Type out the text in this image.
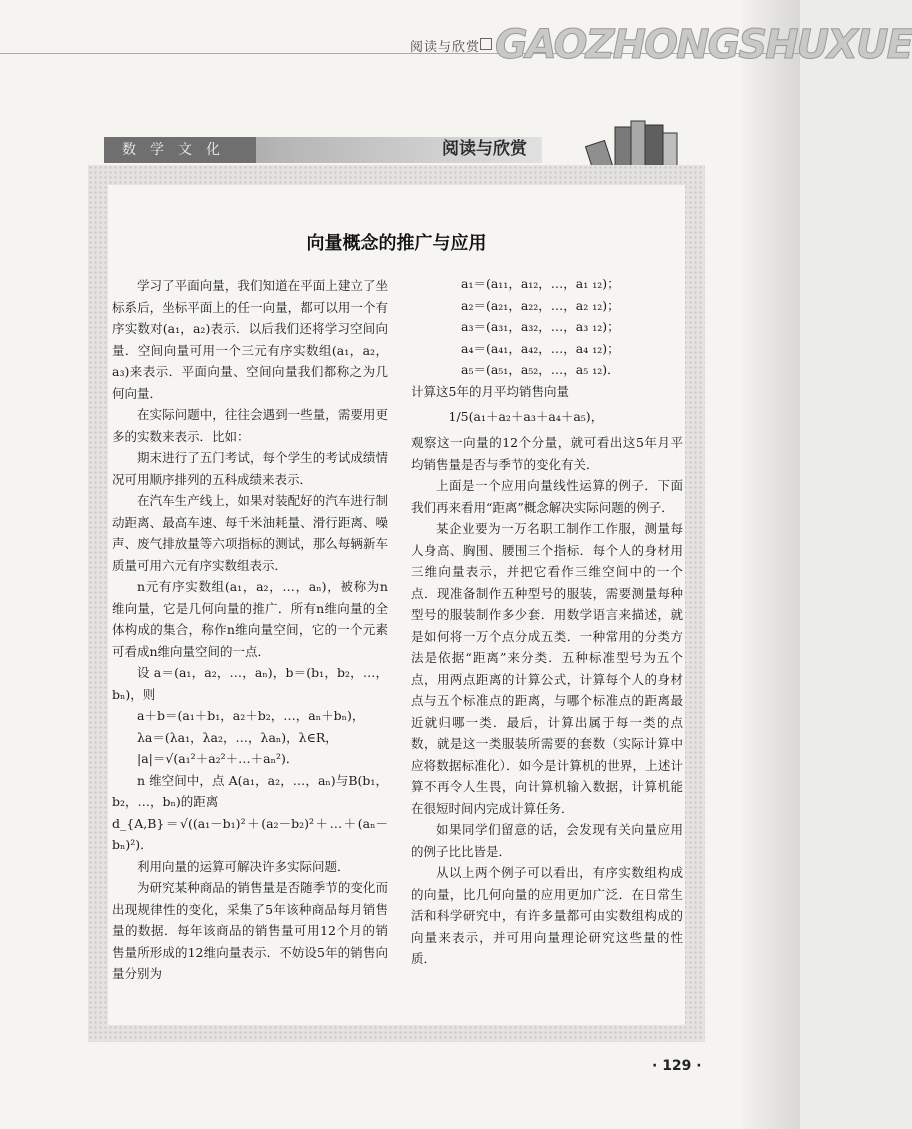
阅读与欣赏 GAOZHONGSHUXUE
数学文化	阅读与欣赏
向量概念的推广与应用

学习了平面向量，我们知道在平面上建立了坐标系后，坐标平面上的任一向量，都可以用一个有序实数对(a₁，a₂)表示．以后我们还将学习空间向量．空间向量可用一个三元有序实数组(a₁，a₂，a₃)来表示．平面向量、空间向量我们都称之为几何向量．

在实际问题中，往往会遇到一些量，需要用更多的实数来表示．比如：

期末进行了五门考试，每个学生的考试成绩情况可用顺序排列的五科成绩来表示．

在汽车生产线上，如果对装配好的汽车进行制动距离、最高车速、每千米油耗量、滑行距离、噪声、废气排放量等六项指标的测试，那么每辆新车质量可用六元有序实数组表示．

n元有序实数组(a₁，a₂，…，aₙ)，被称为n维向量，它是几何向量的推广．所有n维向量的全体构成的集合，称作n维向量空间，它的一个元素可看成n维向量空间的一点．

设 a＝(a₁，a₂，…，aₙ)，b＝(b₁，b₂，…，bₙ)，则

a＋b＝(a₁＋b₁，a₂＋b₂，…，aₙ＋bₙ)，

λa＝(λa₁，λa₂，…，λaₙ)，λ∈R，

|a|＝√(a₁²＋a₂²＋…＋aₙ²)．

n 维空间中，点 A(a₁，a₂，…，aₙ)与B(b₁，b₂，…，bₙ)的距离

d_{A,B}＝√((a₁－b₁)²＋(a₂－b₂)²＋…＋(aₙ－bₙ)²)．

利用向量的运算可解决许多实际问题．

为研究某种商品的销售量是否随季节的变化而出现规律性的变化，采集了5年该种商品每月销售量的数据．每年该商品的销售量可用12个月的销售量所形成的12维向量表示．不妨设5年的销售向量分别为

a₁＝(a₁₁，a₁₂，…，a₁ ₁₂)；

a₂＝(a₂₁，a₂₂，…，a₂ ₁₂)；

a₃＝(a₃₁，a₃₂，…，a₃ ₁₂)；

a₄＝(a₄₁，a₄₂，…，a₄ ₁₂)；

a₅＝(a₅₁，a₅₂，…，a₅ ₁₂)．

计算这5年的月平均销售向量

1/5(a₁＋a₂＋a₃＋a₄＋a₅)，

观察这一向量的12个分量，就可看出这5年月平均销售量是否与季节的变化有关．

上面是一个应用向量线性运算的例子．下面我们再来看用“距离”概念解决实际问题的例子．

某企业要为一万名职工制作工作服，测量每人身高、胸围、腰围三个指标．每个人的身材用三维向量表示，并把它看作三维空间中的一个点．现准备制作五种型号的服装，需要测量每种型号的服装制作多少套．用数学语言来描述，就是如何将一万个点分成五类．一种常用的分类方法是依据“距离”来分类．五种标准型号为五个点，用两点距离的计算公式，计算每个人的身材点与五个标准点的距离，与哪个标准点的距离最近就归哪一类．最后，计算出属于每一类的点数，就是这一类服装所需要的套数（实际计算中应将数据标准化）．如今是计算机的世界，上述计算不再令人生畏，向计算机输入数据，计算机能在很短时间内完成计算任务．

如果同学们留意的话，会发现有关向量应用的例子比比皆是．

从以上两个例子可以看出，有序实数组构成的向量，比几何向量的应用更加广泛．在日常生活和科学研究中，有许多量都可由实数组构成的向量来表示，并可用向量理论研究这些量的性质．

· 129 ·
